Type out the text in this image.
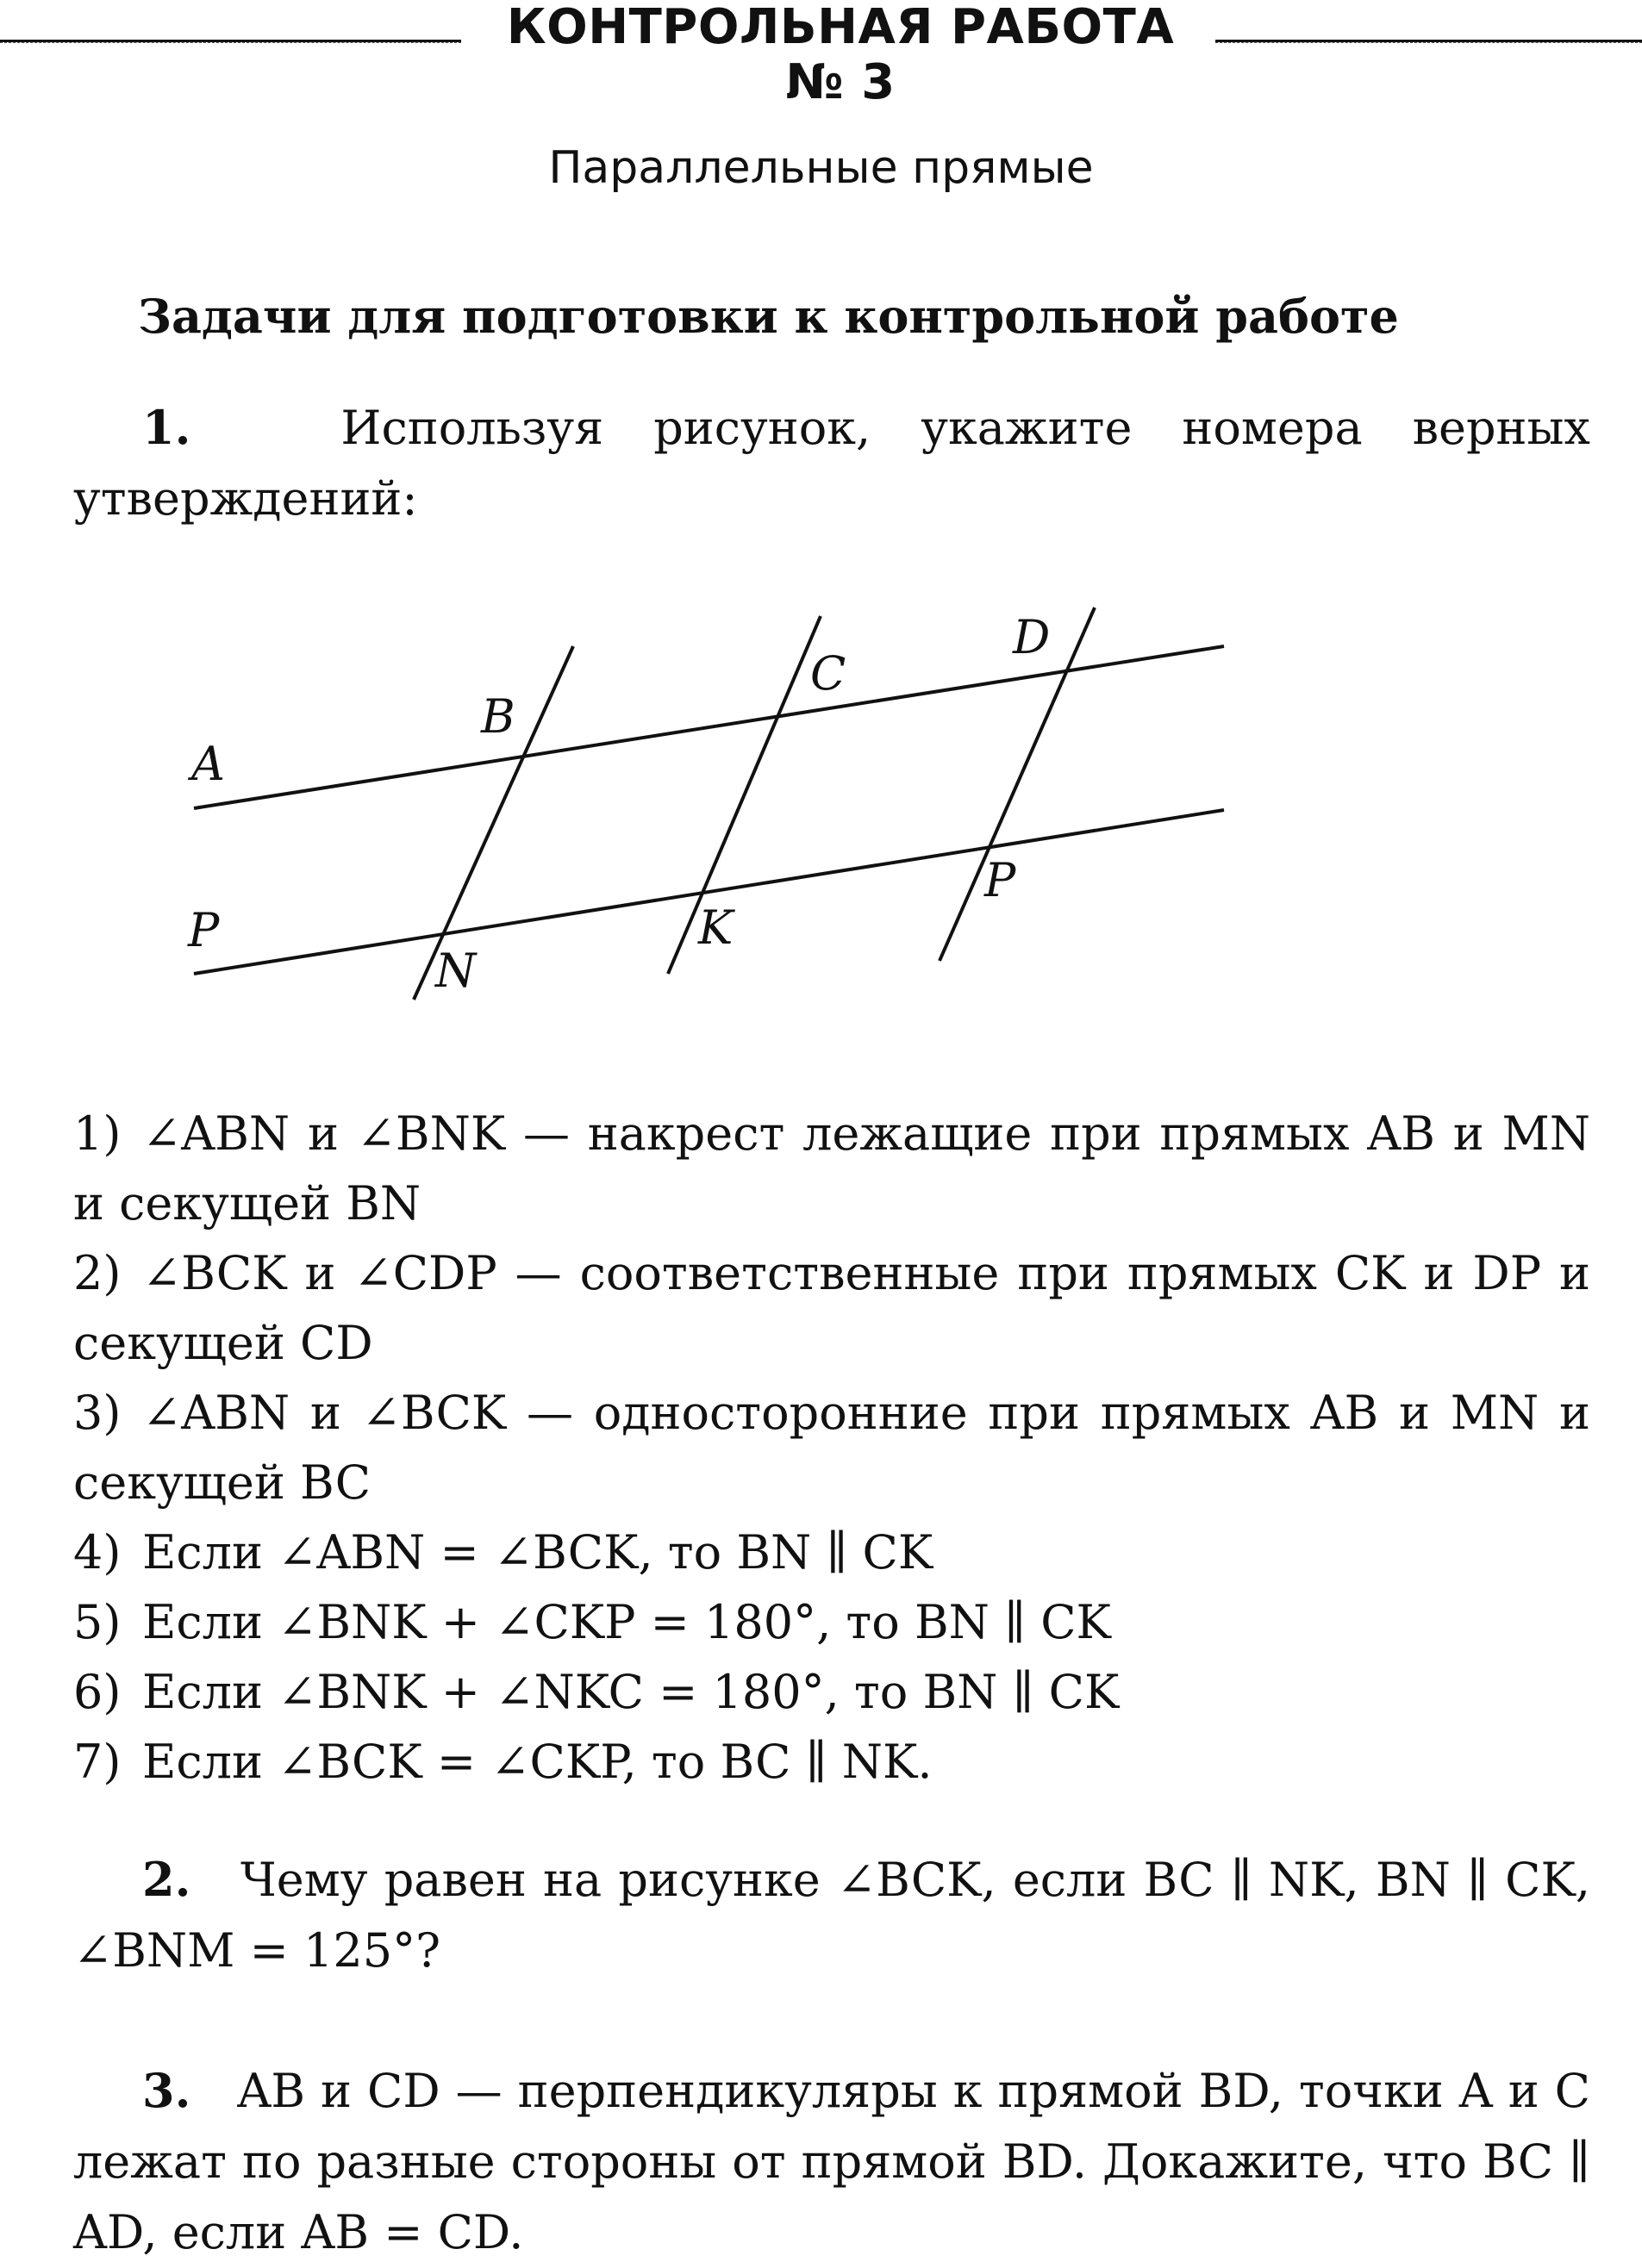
КОНТРОЛЬНАЯ РАБОТА № 3
Параллельные прямые
Задачи для подготовки к контрольной работе
1.	Используя рисунок, укажите номера верных утверждений:
A
B
C
D
P
N
K
P
1) ∠ABN и ∠BNK — накрест лежащие при прямых AB и MN и секущей BN
2) ∠BCK и ∠CDP — соответственные при прямых CK и DP и секущей CD
3) ∠ABN и ∠BCK — односторонние при прямых AB и MN и секущей BC
4) Если ∠ABN = ∠BCK, то BN ∥ CK
5) Если ∠BNK + ∠CKP = 180°, то BN ∥ CK
6) Если ∠BNK + ∠NKC = 180°, то BN ∥ CK
7) Если ∠BCK = ∠CKP, то BC ∥ NK.
2. Чему равен на рисунке ∠BCK, если BC ∥ NK, BN ∥ CK, ∠BNM = 125°?
3. AB и CD — перпендикуляры к прямой BD, точки A и C лежат по разные стороны от прямой BD. Докажите, что BC ∥ AD, если AB = CD.
